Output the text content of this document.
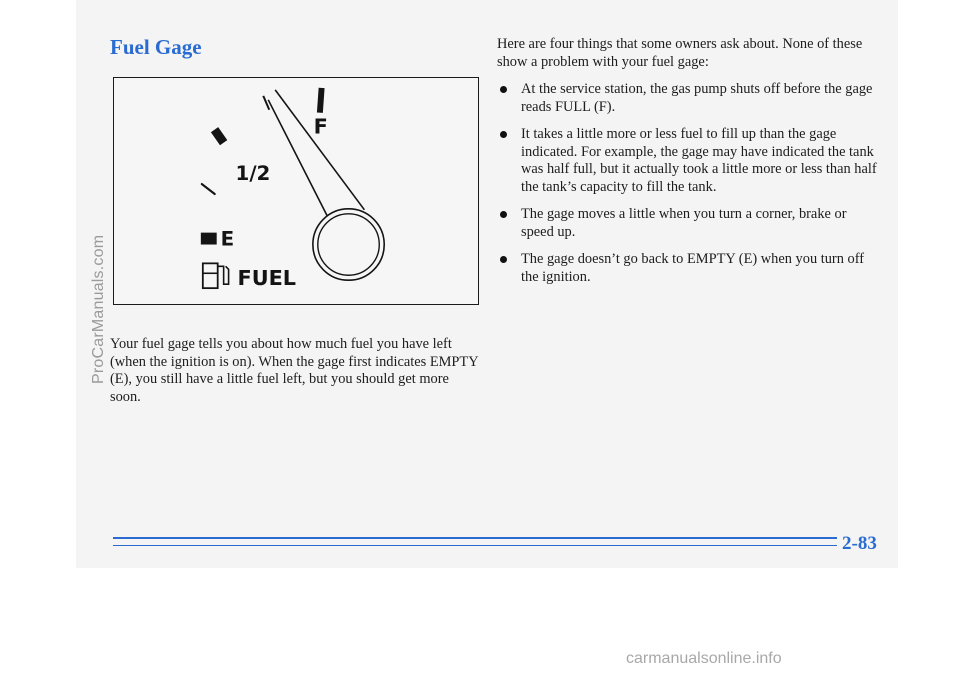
Fuel Gage
F
1/2
E
FUEL

Your fuel gage tells you about how much fuel you have left (when the ignition is on). When the gage first indicates EMPTY (E), you still have a little fuel left, but you should get more soon.

Here are four things that some owners ask about. None of these show a problem with your fuel gage:

At the service station, the gas pump shuts off before the gage reads FULL (F).
It takes a little more or less fuel to fill up than the gage indicated. For example, the gage may have indicated the tank was half full, but it actually took a little more or less than half the tank’s capacity to fill the tank.
The gage moves a little when you turn a corner, brake or speed up.
The gage doesn’t go back to EMPTY (E) when you turn off the ignition.
2-83
ProCarManuals.com
carmanualsonline.info
